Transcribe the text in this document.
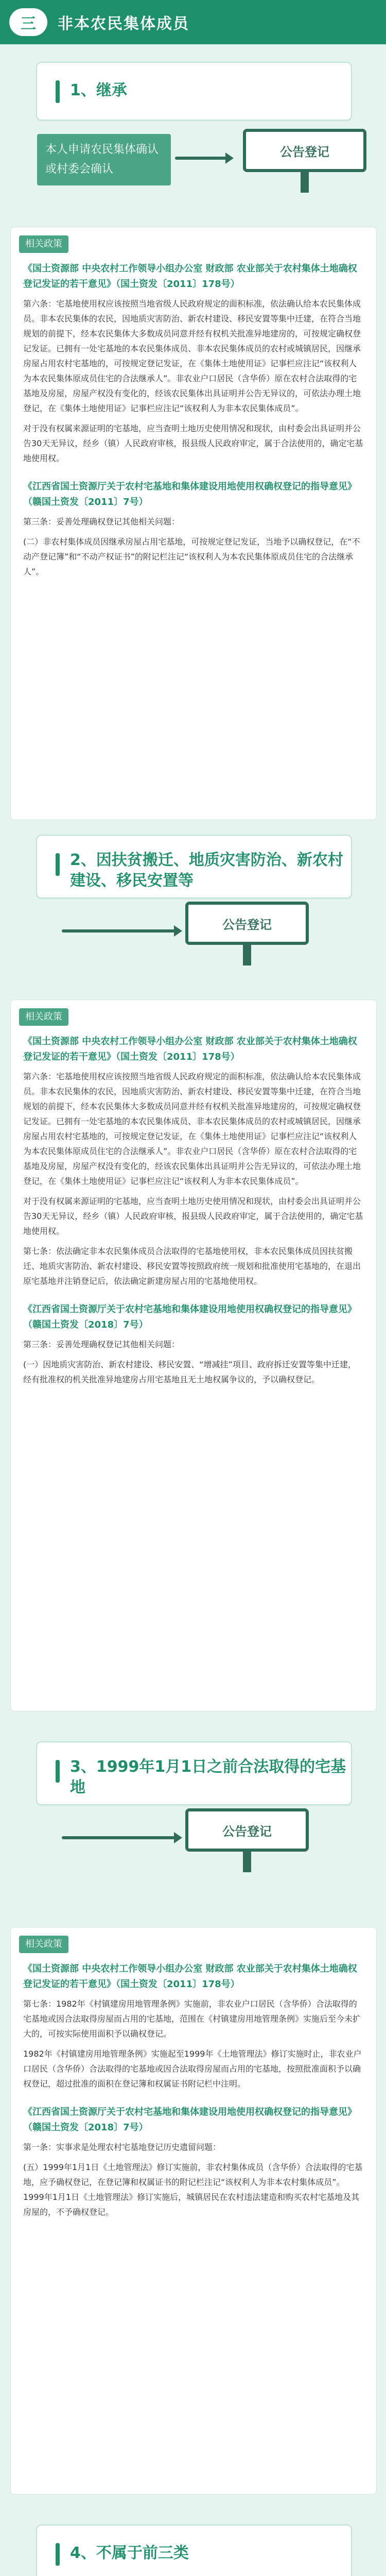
三	非本农民集体成员
1、继承
本人申请农民集体确认或村委会确认
公告登记
相关政策
《国土资源部 中央农村工作领导小组办公室 财政部 农业部关于农村集体土地确权登记发证的若干意见》（国土资发〔2011〕178号）

第六条：宅基地使用权应该按照当地省级人民政府规定的面积标准，依法确认给本农民集体成员。非本农民集体的农民，因地质灾害防治、新农村建设、移民安置等集中迁建，在符合当地规划的前提下，经本农民集体大多数成员同意并经有权机关批准异地建房的，可按规定确权登记发证。已拥有一处宅基地的本农民集体成员、非本农民集体成员的农村或城镇居民，因继承房屋占用农村宅基地的，可按规定登记发证，在《集体土地使用证》记事栏应注记“该权利人为本农民集体原成员住宅的合法继承人”。非农业户口居民（含华侨）原在农村合法取得的宅基地及房屋，房屋产权没有变化的，经该农民集体出具证明并公告无异议的，可依法办理土地登记，在《集体土地使用证》记事栏应注记“该权利人为非本农民集体成员”。

对于没有权属来源证明的宅基地，应当查明土地历史使用情况和现状，由村委会出具证明并公告30天无异议，经乡（镇）人民政府审核，报县级人民政府审定，属于合法使用的，确定宅基地使用权。

《江西省国土资源厅关于农村宅基地和集体建设用地使用权确权登记的指导意见》（赣国土资发〔2011〕7号）

第三条：妥善处理确权登记其他相关问题：

(二）非农村集体成员因继承房屋占用宅基地，可按规定登记发证，当地予以确权登记，在“不动产登记簿”和“不动产权证书”的附记栏注记“该权利人为本农民集体原成员住宅的合法继承人”。

2、因扶贫搬迁、地质灾害防治、新农村建设、移民安置等
公告登记
相关政策
《国土资源部 中央农村工作领导小组办公室 财政部 农业部关于农村集体土地确权登记发证的若干意见》（国土资发〔2011〕178号）

第六条：宅基地使用权应该按照当地省级人民政府规定的面积标准，依法确认给本农民集体成员。非本农民集体的农民，因地质灾害防治、新农村建设、移民安置等集中迁建，在符合当地规划的前提下，经本农民集体大多数成员同意并经有权机关批准异地建房的，可按规定确权登记发证。已拥有一处宅基地的本农民集体成员、非本农民集体成员的农村或城镇居民，因继承房屋占用农村宅基地的，可按规定登记发证，在《集体土地使用证》记事栏应注记“该权利人为本农民集体原成员住宅的合法继承人”。非农业户口居民（含华侨）原在农村合法取得的宅基地及房屋，房屋产权没有变化的，经该农民集体出具证明并公告无异议的，可依法办理土地登记，在《集体土地使用证》记事栏应注记“该权利人为非本农民集体成员”。

对于没有权属来源证明的宅基地，应当查明土地历史使用情况和现状，由村委会出具证明并公告30天无异议，经乡（镇）人民政府审核，报县级人民政府审定，属于合法使用的，确定宅基地使用权。

第七条：依法确定非本农民集体成员合法取得的宅基地使用权，非本农民集体成员因扶贫搬迁、地质灾害防治、新农村建设、移民安置等按照政府统一规划和批准使用宅基地的，在退出原宅基地并注销登记后，依法确定新建房屋占用的宅基地使用权。

《江西省国土资源厅关于农村宅基地和集体建设用地使用权确权登记的指导意见》（赣国土资发〔2018〕7号）

第三条：妥善处理确权登记其他相关问题：

(一）因地质灾害防治、新农村建设、移民安置、“增减挂”项目、政府拆迁安置等集中迁建，经有批准权的机关批准异地建房占用宅基地且无土地权属争议的，予以确权登记。

3、1999年1月1日之前合法取得的宅基地
公告登记
相关政策
《国土资源部 中央农村工作领导小组办公室 财政部 农业部关于农村集体土地确权登记发证的若干意见》（国土资发〔2011〕178号）

第七条：1982年《村镇建房用地管理条例》实施前，非农业户口居民（含华侨）合法取得的宅基地或因合法取得房屋而占用的宅基地，范围在《村镇建房用地管理条例》实施后至今未扩大的，可按实际使用面积予以确权登记。

1982年《村镇建房用地管理条例》实施起至1999年《土地管理法》修订实施时止，非农业户口居民（含华侨）合法取得的宅基地或因合法取得房屋而占用的宅基地，按照批准面积予以确权登记，超过批准的面积在登记簿和权属证书附记栏中注明。

《江西省国土资源厅关于农村宅基地和集体建设用地使用权确权登记的指导意见》（赣国土资发〔2018〕7号）

第一条：实事求是处理农村宅基地登记历史遗留问题：

(五）1999年1月1日《土地管理法》修订实施前，非农村集体成员（含华侨）合法取得的宅基地，应予确权登记，在登记簿和权属证书的附记栏注记“该权利人为非本农村集体成员”。1999年1月1日《土地管理法》修订实施后，城镇居民在农村违法建造和购买农村宅基地及其房屋的，不予确权登记。

4、不属于前三类
